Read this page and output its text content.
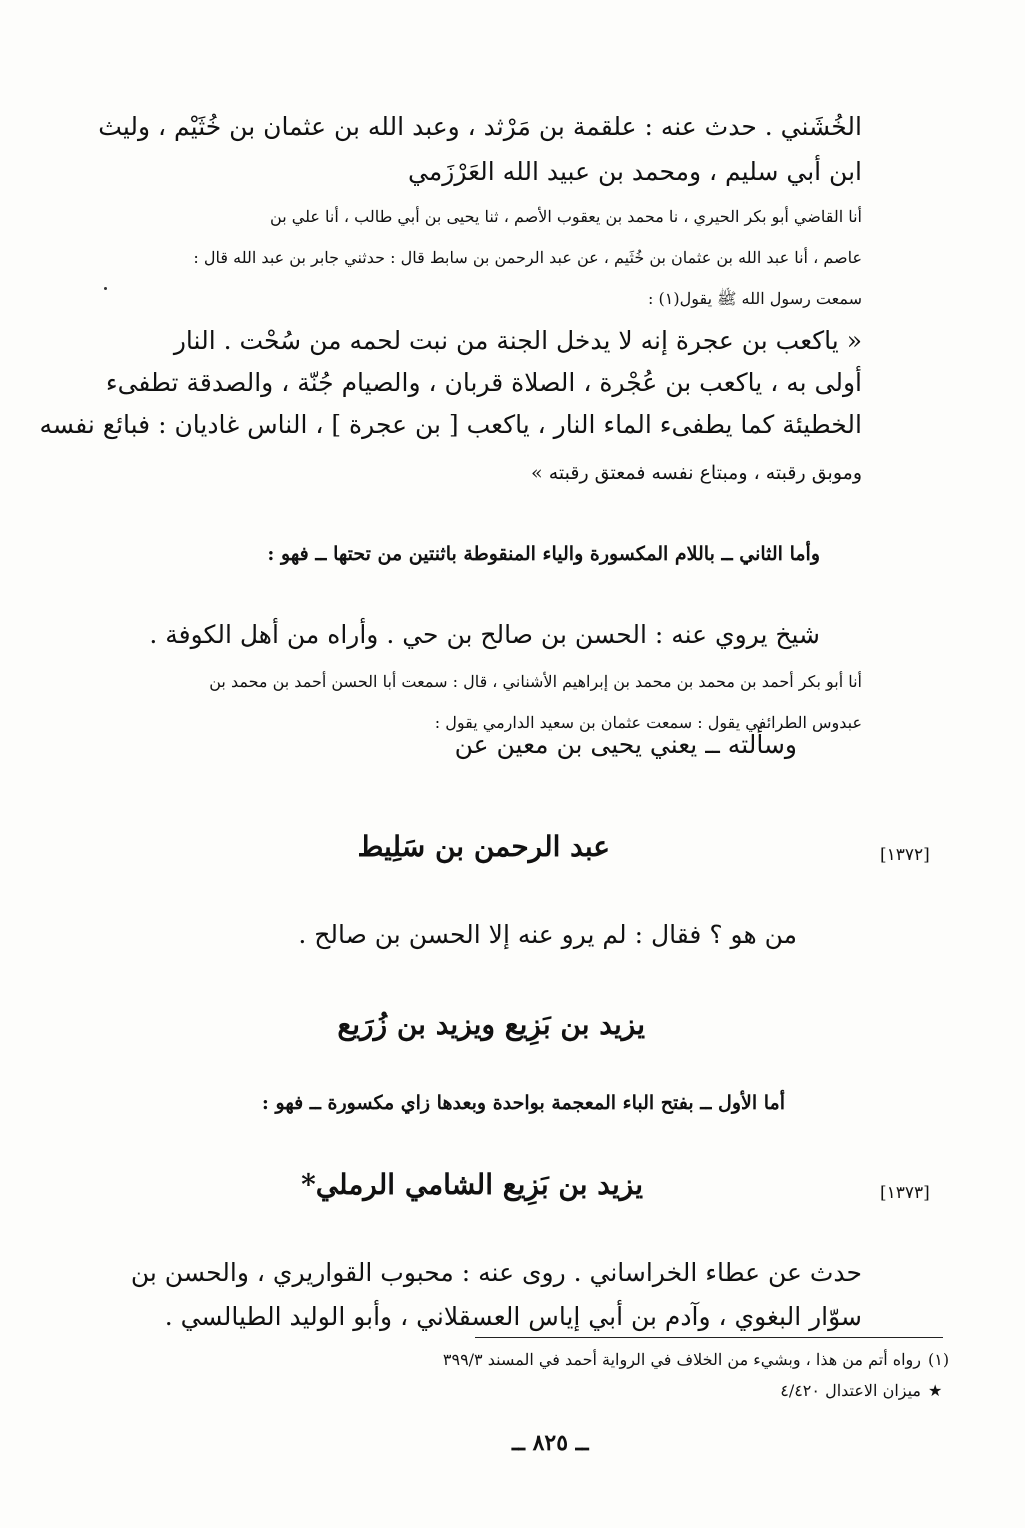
الخُشَني . حدث عنه : علقمة بن مَرْثد ، وعبد الله بن عثمان بن خُثَيْم ، وليث
ابن أبي سليم ، ومحمد بن عبيد الله العَرْزَمي
أنا القاضي أبو بكر الحيري ، نا محمد بن يعقوب الأصم ، ثنا يحيى بن أبي طالب ، أنا علي بن
عاصم ، أنا عبد الله بن عثمان بن خُثَيم ، عن عبد الرحمن بن سابط قال : حدثني جابر بن عبد الله قال :
سمعت رسول الله ﷺ يقول(١) :
« ياكعب بن عجرة إنه لا يدخل الجنة من نبت لحمه من سُحْت . النار
أولى به ، ياكعب بن عُجْرة ، الصلاة قربان ، والصيام جُنّة ، والصدقة تطفىء
الخطيئة كما يطفىء الماء النار ، ياكعب [ بن عجرة ] ، الناس غاديان : فبائع نفسه
وموبق رقبته ، ومبتاع نفسه فمعتق رقبته »
وأما الثاني ــ باللام المكسورة والياء المنقوطة باثنتين من تحتها ــ فهو :
شيخ يروي عنه : الحسن بن صالح بن حي . وأراه من أهل الكوفة .
أنا أبو بكر أحمد بن محمد بن محمد بن إبراهيم الأشناني ، قال : سمعت أبا الحسن أحمد بن محمد بن
عبدوس الطرائفي يقول : سمعت عثمان بن سعيد الدارمي يقول :
وسألته ــ يعني يحيى بن معين عن
[١٣٧٢]
عبد الرحمن بن سَلِيط
من هو ؟ فقال : لم يرو عنه إلا الحسن بن صالح .
يزيد بن بَزِيع ويزيد بن زُرَيع
أما الأول ــ بفتح الباء المعجمة بواحدة وبعدها زاي مكسورة ــ فهو :
[١٣٧٣]
يزيد بن بَزِيع الشامي الرملي*
حدث عن عطاء الخراساني . روى عنه : محبوب القواريري ، والحسن بن
سوّار البغوي ، وآدم بن أبي إياس العسقلاني ، وأبو الوليد الطيالسي .
(١)
رواه أتم من هذا ، وبشيء من الخلاف في الرواية أحمد في المسند ٣٩٩/٣
★
ميزان الاعتدال ٤/٤٢٠
ــ ٨٢٥ ــ
